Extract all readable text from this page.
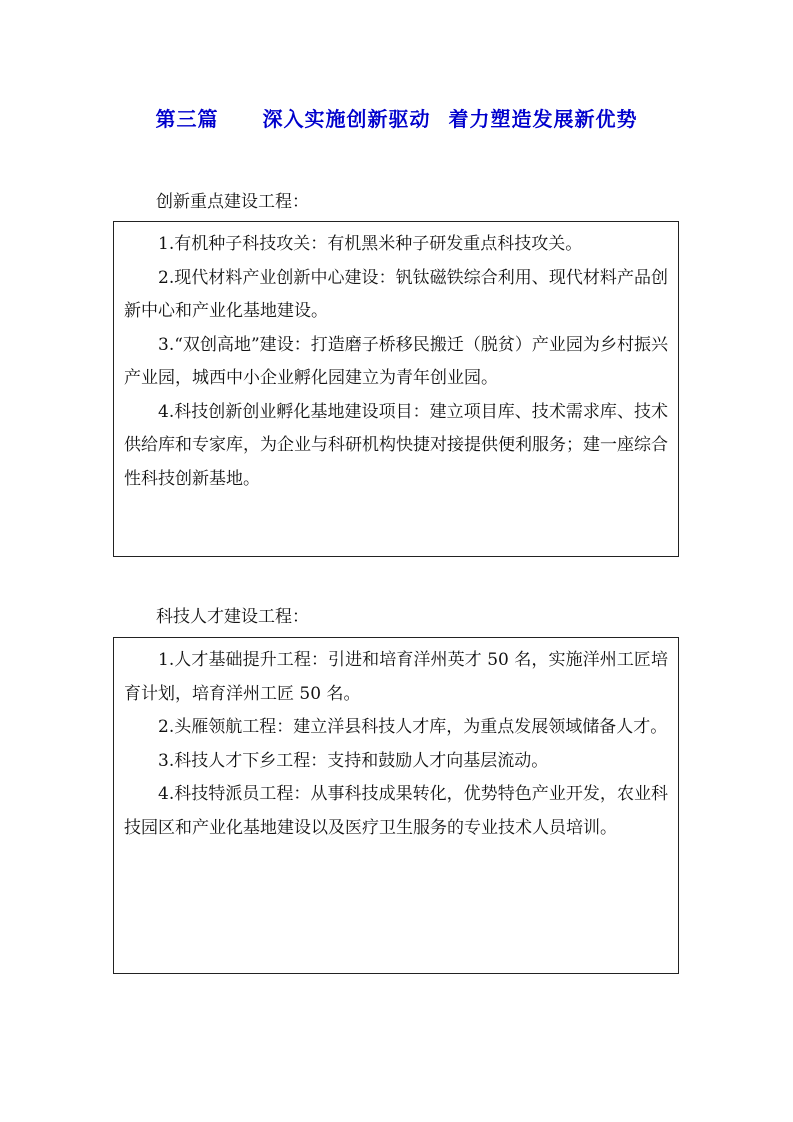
第三篇 深入实施创新驱动 着力塑造发展新优势
创新重点建设工程：

1.有机种子科技攻关：有机黑米种子研发重点科技攻关。

2.现代材料产业创新中心建设：钒钛磁铁综合利用、现代材料产品创新中心和产业化基地建设。

3.“双创高地”建设：打造磨子桥移民搬迁（脱贫）产业园为乡村振兴产业园，城西中小企业孵化园建立为青年创业园。

4.科技创新创业孵化基地建设项目：建立项目库、技术需求库、技术供给库和专家库，为企业与科研机构快捷对接提供便利服务；建一座综合性科技创新基地。

科技人才建设工程：

1.人才基础提升工程：引进和培育洋州英才 50 名，实施洋州工匠培育计划，培育洋州工匠 50 名。

2.头雁领航工程：建立洋县科技人才库，为重点发展领域储备人才。

3.科技人才下乡工程：支持和鼓励人才向基层流动。

4.科技特派员工程：从事科技成果转化，优势特色产业开发，农业科技园区和产业化基地建设以及医疗卫生服务的专业技术人员培训。
